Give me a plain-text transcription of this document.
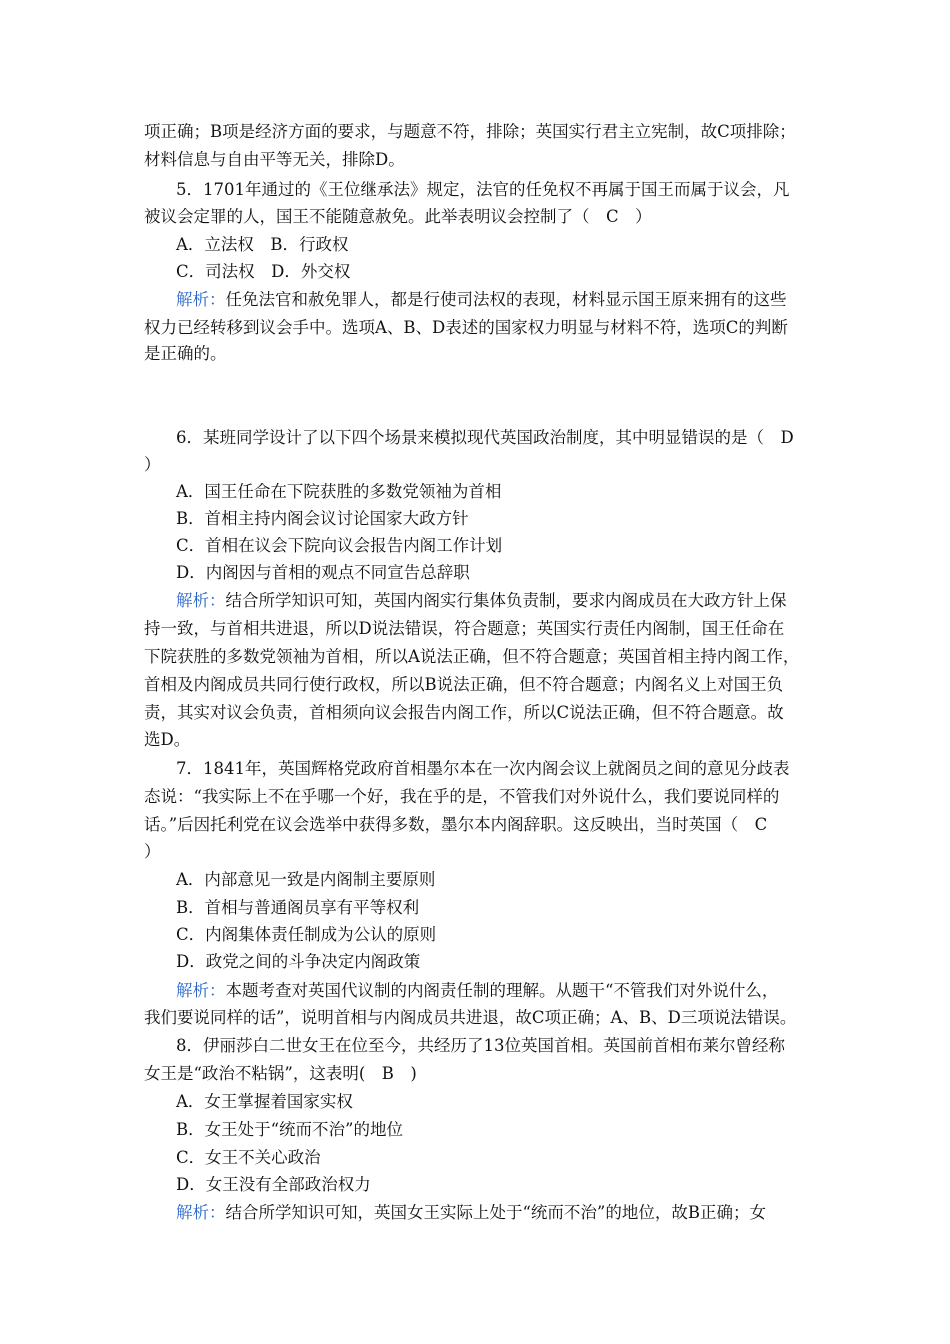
项正确；B项是经济方面的要求，与题意不符，排除；英国实行君主立宪制，故C项排除；
材料信息与自由平等无关，排除D。
5．1701年通过的《王位继承法》规定，法官的任免权不再属于国王而属于议会，凡
被议会定罪的人，国王不能随意赦免。此举表明议会控制了（　C　）
A．立法权　B．行政权
C．司法权　D．外交权
解析：任免法官和赦免罪人，都是行使司法权的表现，材料显示国王原来拥有的这些
权力已经转移到议会手中。选项A、B、D表述的国家权力明显与材料不符，选项C的判断
是正确的。
6．某班同学设计了以下四个场景来模拟现代英国政治制度，其中明显错误的是（　D
）
A．国王任命在下院获胜的多数党领袖为首相
B．首相主持内阁会议讨论国家大政方针
C．首相在议会下院向议会报告内阁工作计划
D．内阁因与首相的观点不同宣告总辞职
解析：结合所学知识可知，英国内阁实行集体负责制，要求内阁成员在大政方针上保
持一致，与首相共进退，所以D说法错误，符合题意；英国实行责任内阁制，国王任命在
下院获胜的多数党领袖为首相，所以A说法正确，但不符合题意；英国首相主持内阁工作，
首相及内阁成员共同行使行政权，所以B说法正确，但不符合题意；内阁名义上对国王负
责，其实对议会负责，首相须向议会报告内阁工作，所以C说法正确，但不符合题意。故
选D。
7．1841年，英国辉格党政府首相墨尔本在一次内阁会议上就阁员之间的意见分歧表
态说：“我实际上不在乎哪一个好，我在乎的是，不管我们对外说什么，我们要说同样的
话。”后因托利党在议会选举中获得多数，墨尔本内阁辞职。这反映出，当时英国（　C
）
A．内部意见一致是内阁制主要原则
B．首相与普通阁员享有平等权利
C．内阁集体责任制成为公认的原则
D．政党之间的斗争决定内阁政策
解析：本题考查对英国代议制的内阁责任制的理解。从题干“不管我们对外说什么，
我们要说同样的话”，说明首相与内阁成员共进退，故C项正确；A、B、D三项说法错误。
8．伊丽莎白二世女王在位至今，共经历了13位英国首相。英国前首相布莱尔曾经称
女王是“政治不粘锅”，这表明(　B　)
A．女王掌握着国家实权
B．女王处于“统而不治”的地位
C．女王不关心政治
D．女王没有全部政治权力
解析：结合所学知识可知，英国女王实际上处于“统而不治”的地位，故B正确；女
